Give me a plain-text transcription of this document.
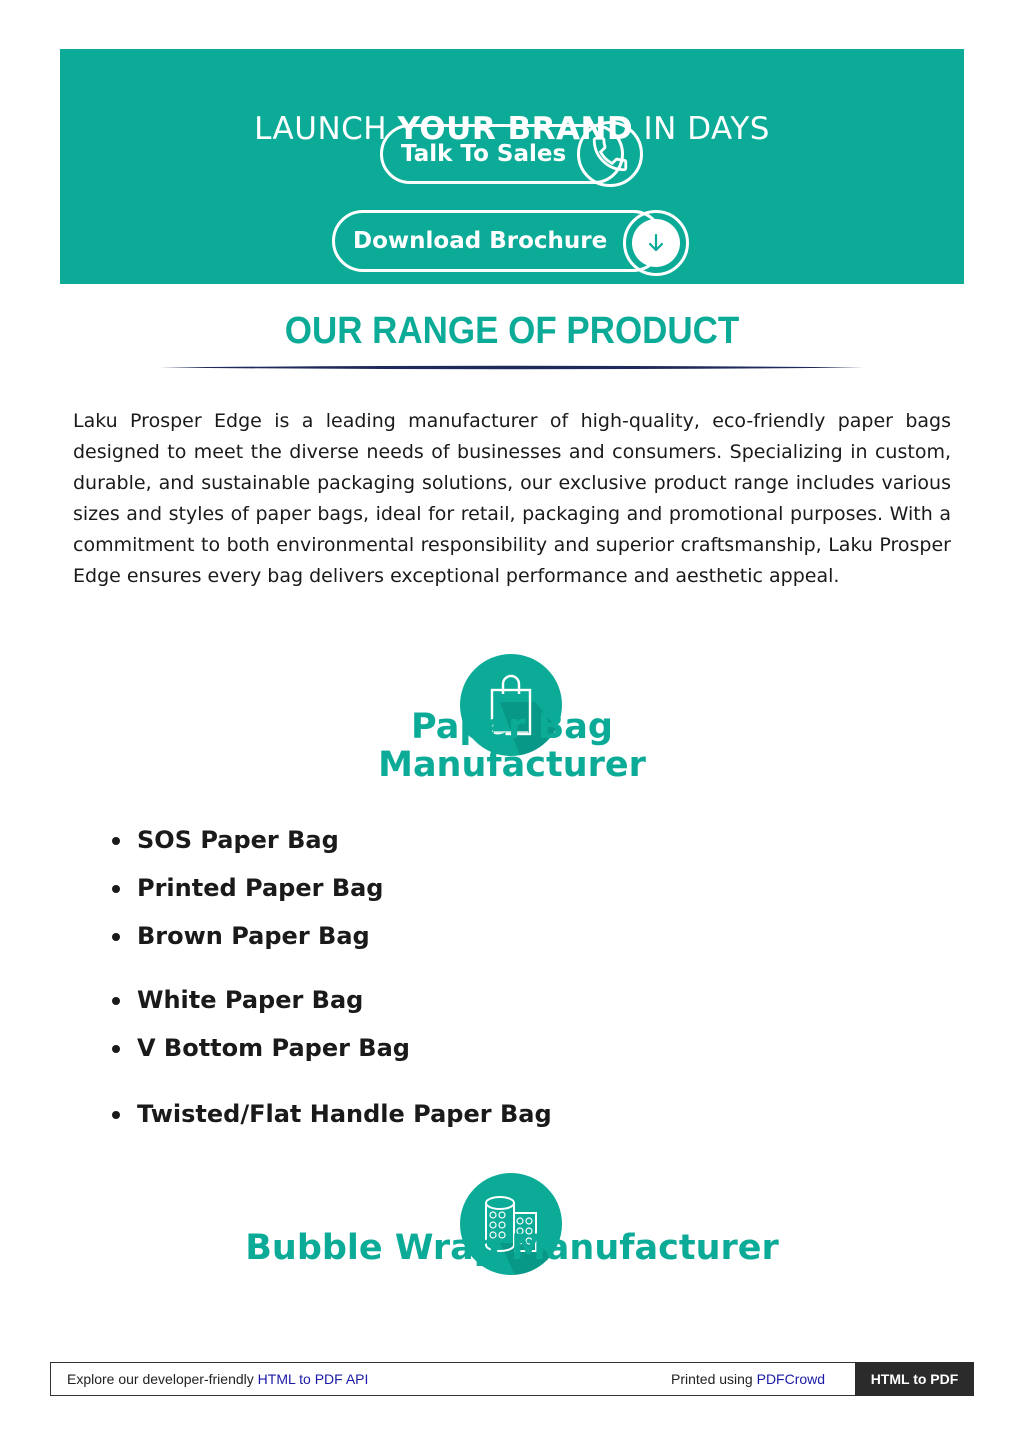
LAUNCH YOUR BRAND IN DAYS
Talk To Sales
Download Brochure
OUR RANGE OF PRODUCT

Laku Prosper Edge is a leading manufacturer of high-quality, eco-friendly paper bags designed to meet the diverse needs of businesses and consumers. Specializing in custom, durable, and sustainable packaging solutions, our exclusive product range includes various sizes and styles of paper bags, ideal for retail, packaging and promotional purposes. With a commitment to both environmental responsibility and superior craftsmanship, Laku Prosper Edge ensures every bag delivers exceptional performance and aesthetic appeal.

Paper Bag
Manufacturer
SOS Paper Bag
Printed Paper Bag
Brown Paper Bag
White Paper Bag
V Bottom Paper Bag
Twisted/Flat Handle Paper Bag
Bubble Wrap Manufacturer
Explore our developer-friendly HTML to PDF API	Printed using PDFCrowd	HTML to PDF
